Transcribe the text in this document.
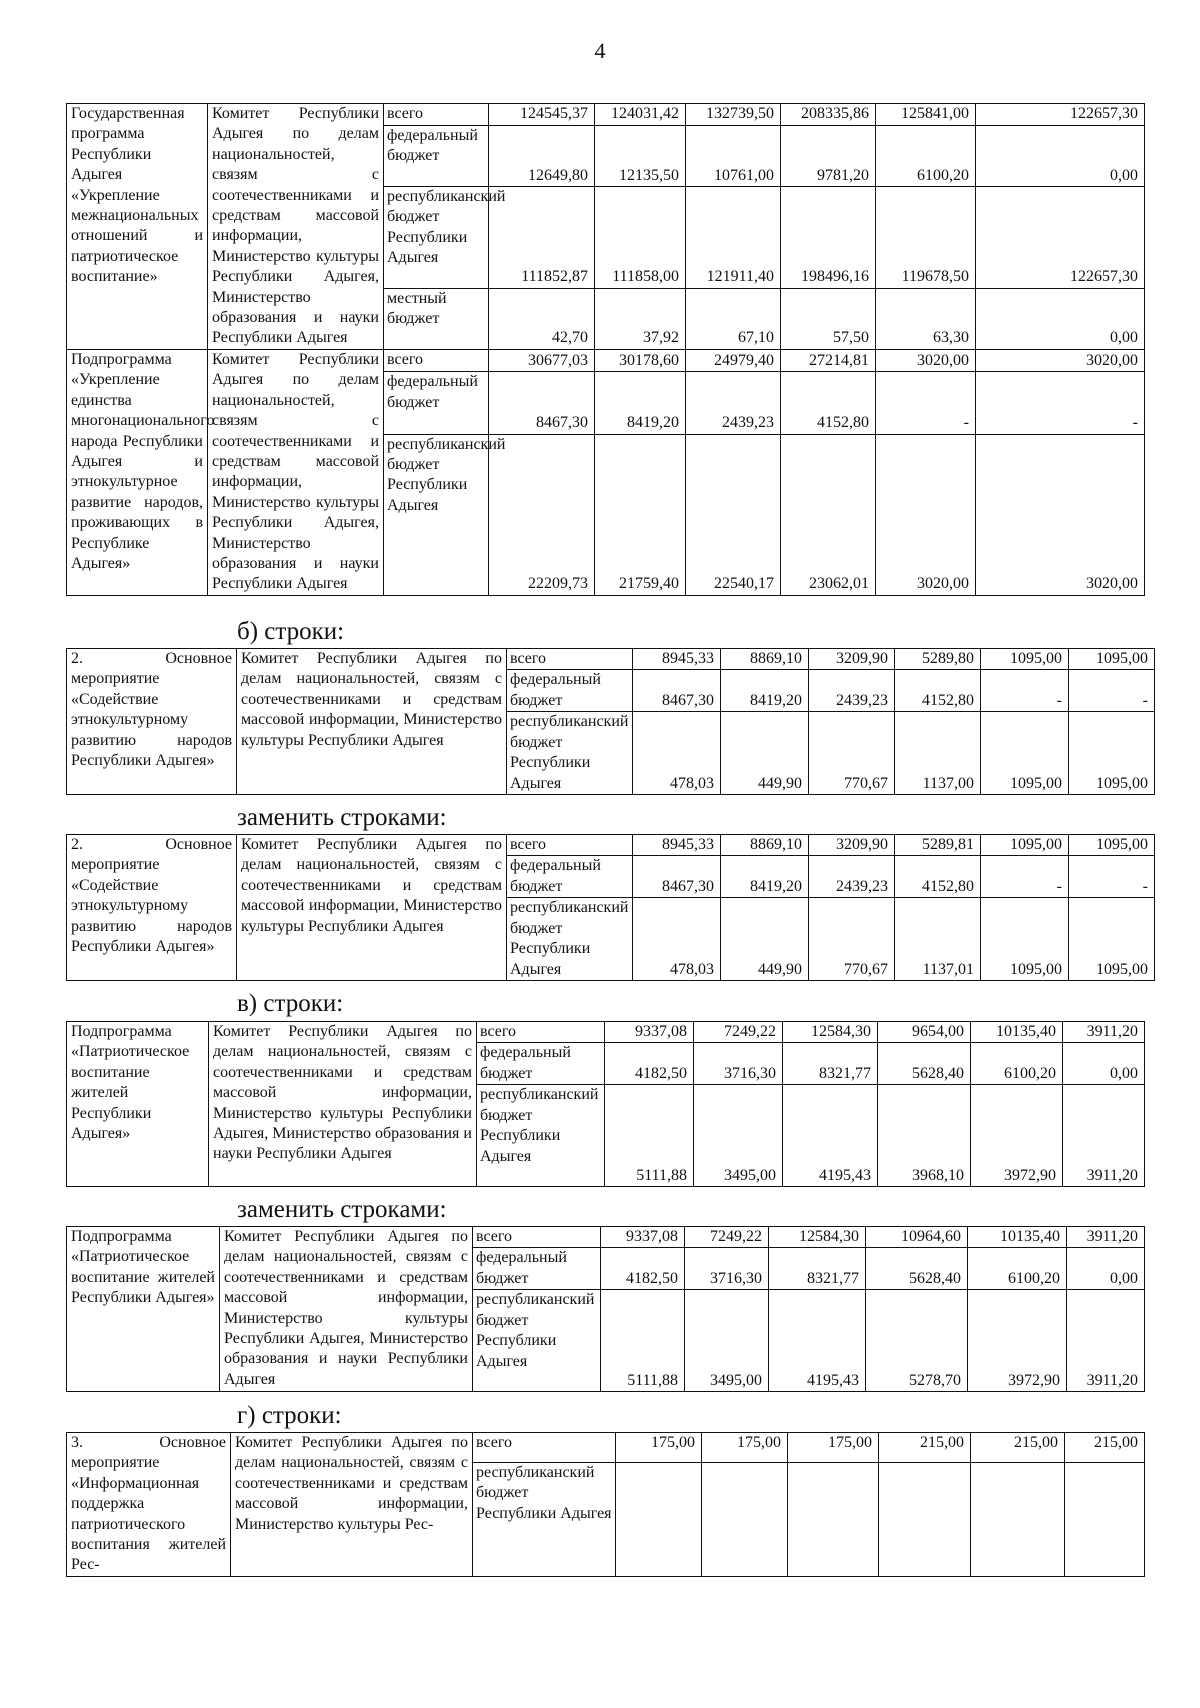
4
Государственная программа Республики Адыгея «Укрепление межнациональных отношений и патриотическое воспитание»	Комитет Республики Адыгея по делам национальностей, связям с соотечественниками и средствам массовой информации, Министерство культуры Республики Адыгея, Министерство образования и науки Республики Адыгея	всего	124545,37	124031,42	132739,50	208335,86	125841,00	122657,30
		федеральный бюджет	12649,80	12135,50	10761,00	9781,20	6100,20	0,00
		республиканский бюджет Республики Адыгея	111852,87	111858,00	121911,40	198496,16	119678,50	122657,30
		местный бюджет	42,70	37,92	67,10	57,50	63,30	0,00
Подпрограмма «Укрепление единства многонационального народа Республики Адыгея и этнокультурное развитие народов, проживающих в Республике Адыгея»	Комитет Республики Адыгея по делам национальностей, связям с соотечественниками и средствам массовой информации, Министерство культуры Республики Адыгея, Министерство образования и науки Республики Адыгея	всего	30677,03	30178,60	24979,40	27214,81	3020,00	3020,00
		федеральный бюджет	8467,30	8419,20	2439,23	4152,80	-	-
		республиканский бюджет Республики Адыгея	22209,73	21759,40	22540,17	23062,01	3020,00	3020,00
б) строки:
2. Основное мероприятие «Содействие этнокультурному развитию народов Республики Адыгея»	Комитет Республики Адыгея по делам национальностей, связям с соотечественниками и средствам массовой информации, Министерство культуры Республики Адыгея	всего	8945,33	8869,10	3209,90	5289,80	1095,00	1095,00
		федеральный бюджет	8467,30	8419,20	2439,23	4152,80	-	-
		республиканский бюджет Республики Адыгея	478,03	449,90	770,67	1137,00	1095,00	1095,00
заменить строками:
2. Основное мероприятие «Содействие этнокультурному развитию народов Республики Адыгея»	Комитет Республики Адыгея по делам национальностей, связям с соотечественниками и средствам массовой информации, Министерство культуры Республики Адыгея	всего	8945,33	8869,10	3209,90	5289,81	1095,00	1095,00
		федеральный бюджет	8467,30	8419,20	2439,23	4152,80	-	-
		республиканский бюджет Республики Адыгея	478,03	449,90	770,67	1137,01	1095,00	1095,00
в) строки:
Подпрограмма «Патриотическое воспитание жителей Республики Адыгея»	Комитет Республики Адыгея по делам национальностей, связям с соотечественниками и средствам массовой информации, Министерство культуры Республики Адыгея, Министерство образования и науки Республики Адыгея	всего	9337,08	7249,22	12584,30	9654,00	10135,40	3911,20
		федеральный бюджет	4182,50	3716,30	8321,77	5628,40	6100,20	0,00
		республиканский бюджет Республики Адыгея	5111,88	3495,00	4195,43	3968,10	3972,90	3911,20
заменить строками:
Подпрограмма «Патриотическое воспитание жителей Республики Адыгея»	Комитет Республики Адыгея по делам национальностей, связям с соотечественниками и средствам массовой информации, Министерство культуры Республики Адыгея, Министерство образования и науки Республики Адыгея	всего	9337,08	7249,22	12584,30	10964,60	10135,40	3911,20
		федеральный бюджет	4182,50	3716,30	8321,77	5628,40	6100,20	0,00
		республиканский бюджет Республики Адыгея	5111,88	3495,00	4195,43	5278,70	3972,90	3911,20
г) строки:
3. Основное мероприятие «Информационная поддержка патриотического воспитания жителей Рес-	Комитет Республики Адыгея по делам национальностей, связям с соотечественниками и средствам массовой информации, Министерство культуры Рес-	всего	175,00	175,00	175,00	215,00	215,00	215,00
		республиканский бюджет Республики Адыгея						
